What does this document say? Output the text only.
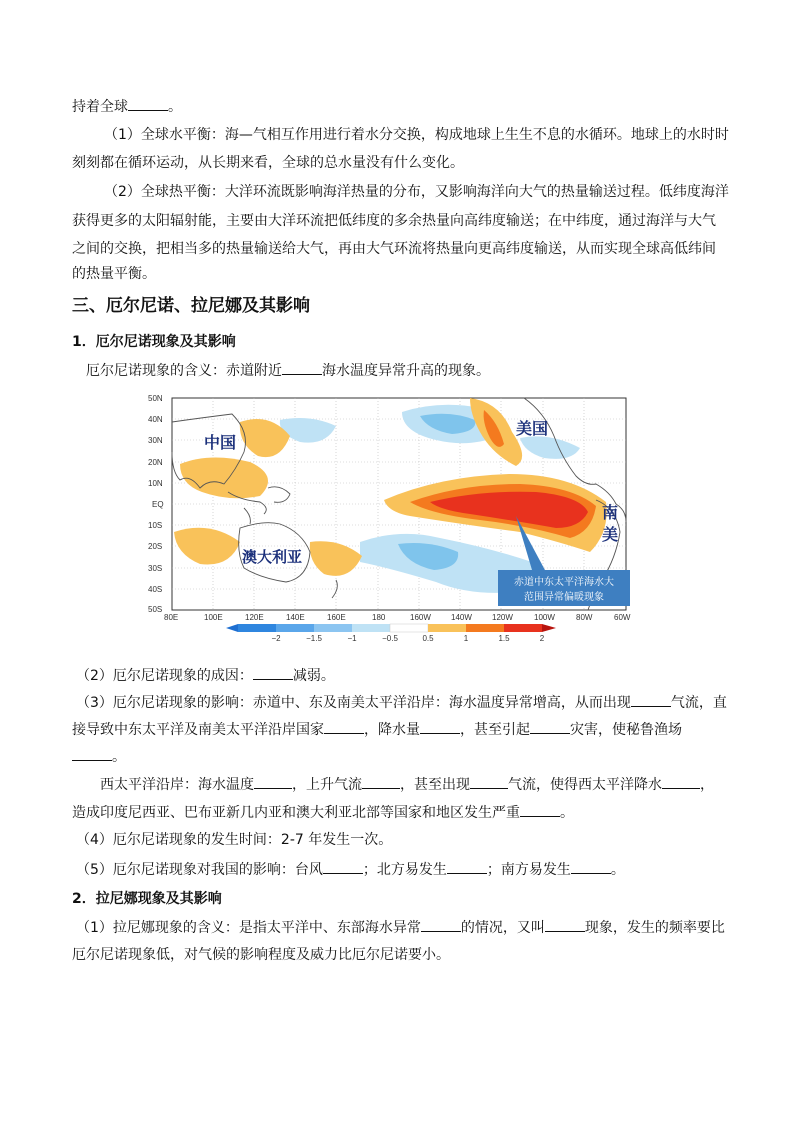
持着全球	。
（1）全球水平衡：海—气相互作用进行着水分交换，构成地球上生生不息的水循环。地球上的水时时
刻刻都在循环运动，从长期来看，全球的总水量没有什么变化。
（2）全球热平衡：大洋环流既影响海洋热量的分布，又影响海洋向大气的热量输送过程。低纬度海洋
获得更多的太阳辐射能，主要由大洋环流把低纬度的多余热量向高纬度输送；在中纬度，通过海洋与大气
之间的交换，把相当多的热量输送给大气，再由大气环流将热量向更高纬度输送，从而实现全球高低纬间
的热量平衡。
三、厄尔尼诺、拉尼娜及其影响
1．厄尔尼诺现象及其影响
厄尔尼诺现象的含义：赤道附近	海水温度异常升高的现象。
50N
40N
30N
20N
10N
EQ
10S
20S
30S
40S
50S
80E	100E	120E	140E	160E	180	160W	140W	120W	100W	80W	60W
中国
美国
南
美
澳大利亚
赤道中东太平洋海水大
范围异常偏暖现象
−2	−1.5	−1	−0.5	0.5	1	1.5	2
（2）厄尔尼诺现象的成因：	减弱。
（3）厄尔尼诺现象的影响：赤道中、东及南美太平洋沿岸：海水温度异常增高，从而出现	气流，直
接导致中东太平洋及南美太平洋沿岸国家	，降水量	，甚至引起	灾害，使秘鲁渔场
。
西太平洋沿岸：海水温度	，上升气流	，甚至出现	气流，使得西太平洋降水	，
造成印度尼西亚、巴布亚新几内亚和澳大利亚北部等国家和地区发生严重	。
（4）厄尔尼诺现象的发生时间：2-7 年发生一次。
（5）厄尔尼诺现象对我国的影响：台风	；北方易发生	；南方易发生	。
2．拉尼娜现象及其影响
（1）拉尼娜现象的含义：是指太平洋中、东部海水异常	的情况，又叫	现象，发生的频率要比
厄尔尼诺现象低，对气候的影响程度及威力比厄尔尼诺要小。
